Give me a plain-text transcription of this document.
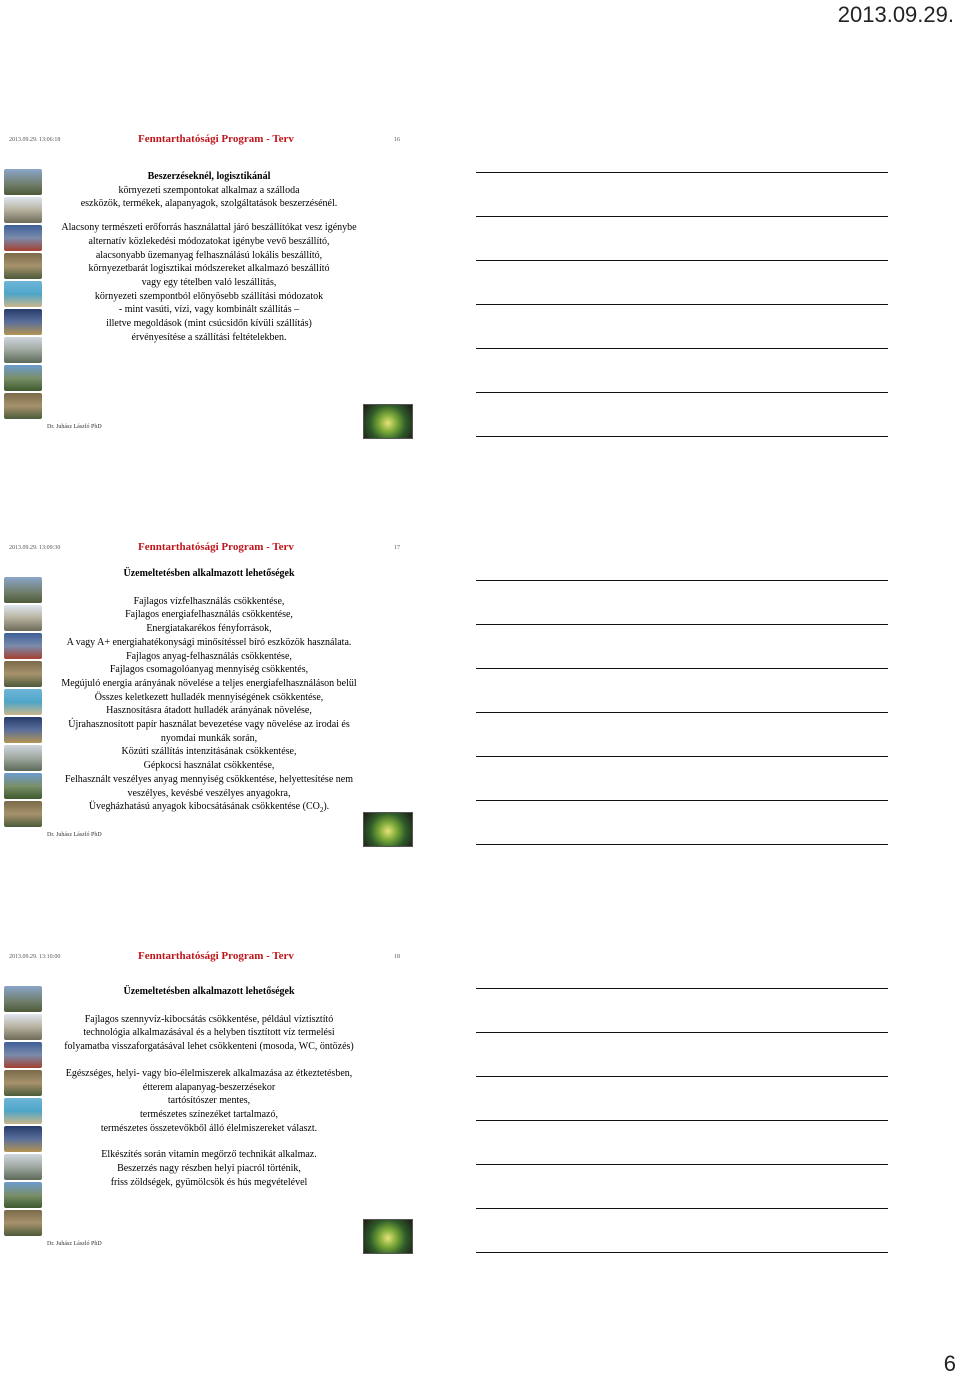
2013.09.29.
2013.09.29. 13:06:18	Fenntarthatósági Program - Terv	16

Beszerzéseknél, logisztikánál

környezeti szempontokat alkalmaz a szálloda

eszközök, termékek, alapanyagok, szolgáltatások beszerzésénél.

Alacsony természeti erőforrás használattal járó beszállítókat vesz igénybe

alternatív közlekedési módozatokat igénybe vevő beszállító,

alacsonyabb üzemanyag felhasználású lokális beszállító,

környezetbarát logisztikai módszereket alkalmazó beszállító

vagy egy tételben való leszállítás,

környezeti szempontból előnyösebb szállítási módozatok

- mint vasúti, vízi, vagy kombinált szállítás –

illetve megoldások (mint csúcsidőn kívüli szállítás)

érvényesítése a szállítási feltételekben.

Dr. Juhász László PhD
2013.09.29. 13:09:30	Fenntarthatósági Program - Terv	17

Üzemeltetésben alkalmazott lehetőségek

Fajlagos vízfelhasználás csökkentése,

Fajlagos energiafelhasználás csökkentése,

Energiatakarékos fényforrások,

A vagy A+ energiahatékonysági minősítéssel bíró eszközök használata.

Fajlagos anyag-felhasználás csökkentése,

Fajlagos csomagolóanyag mennyiség csökkentés,

Megújuló energia arányának növelése a teljes energiafelhasználáson belül

Összes keletkezett hulladék mennyiségének csökkentése,

Hasznosításra átadott hulladék arányának növelése,

Újrahasznosított papír használat bevezetése vagy növelése az irodai és

nyomdai munkák során,

Közúti szállítás intenzitásának csökkentése,

Gépkocsi használat csökkentése,

Felhasznált veszélyes anyag mennyiség csökkentése, helyettesítése nem

veszélyes, kevésbé veszélyes anyagokra,

Üvegházhatású anyagok kibocsátásának csökkentése $(CO_2)$.

Dr. Juhász László PhD
2013.09.29. 13:10:00	Fenntarthatósági Program - Terv	18

Üzemeltetésben alkalmazott lehetőségek

Fajlagos szennyvíz-kibocsátás csökkentése, például víztisztító

technológia alkalmazásával és a helyben tisztított víz termelési

folyamatba visszaforgatásával lehet csökkenteni (mosoda, WC, öntözés)

Egészséges, helyi- vagy bio-élelmiszerek alkalmazása az étkeztetésben,

étterem alapanyag-beszerzésekor

tartósítószer mentes,

természetes színezéket tartalmazó,

természetes összetevőkből álló élelmiszereket választ.

Elkészítés során vitamin megőrző technikát alkalmaz.

Beszerzés nagy részben helyi piacról történik,

friss zöldségek, gyümölcsök és hús megvételével

Dr. Juhász László PhD
6
